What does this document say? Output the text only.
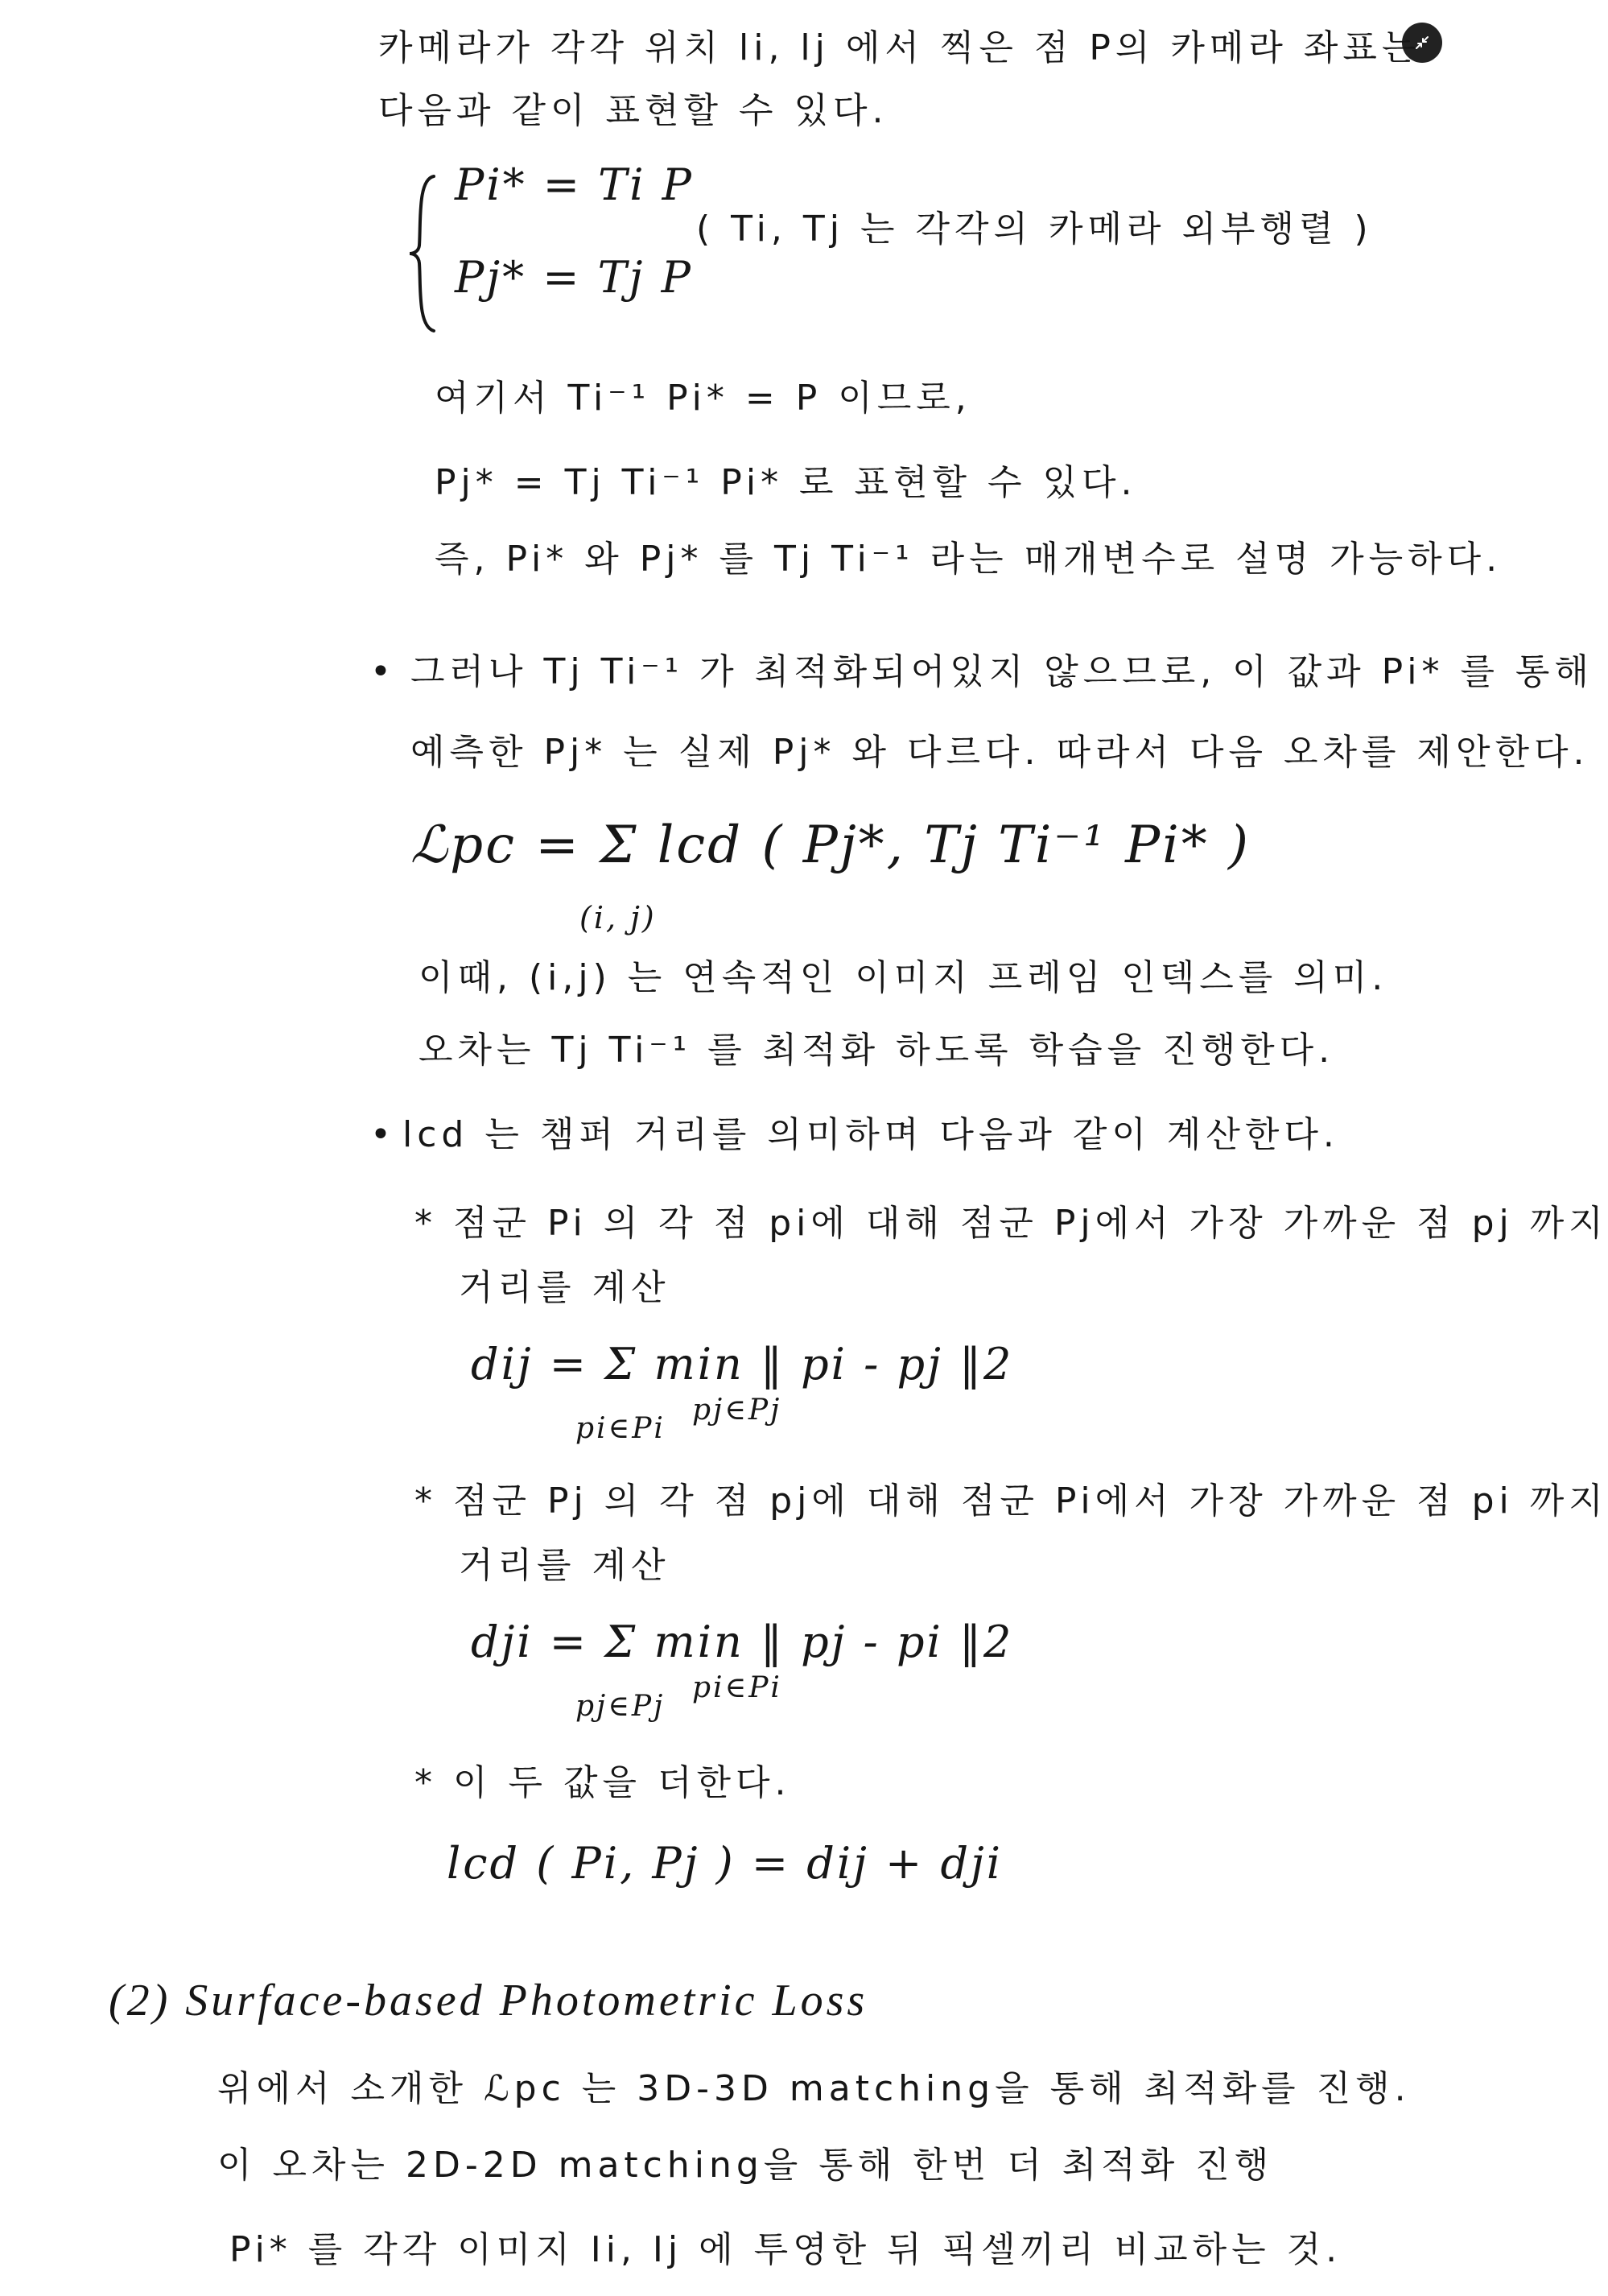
카메라가 각각 위치 li, lj 에서 찍은 점 P의 카메라 좌표는
다음과 같이 표현할 수 있다.
Pi* = Ti P
Pj* = Tj P
( Ti, Tj 는 각각의 카메라 외부행렬 )
여기서 Ti⁻¹ Pi* = P 이므로,
Pj* = Tj Ti⁻¹ Pi* 로 표현할 수 있다.
즉, Pi* 와 Pj* 를 Tj Ti⁻¹ 라는 매개변수로 설명 가능하다.
• 그러나 Tj Ti⁻¹ 가 최적화되어있지 않으므로, 이 값과 Pi* 를 통해
예측한 Pj* 는 실제 Pj* 와 다르다. 따라서 다음 오차를 제안한다.
ℒpc = Σ lcd ( Pj*, Tj Ti⁻¹ Pi* )
(i, j)
이때, (i,j) 는 연속적인 이미지 프레임 인덱스를 의미.
오차는 Tj Ti⁻¹ 를 최적화 하도록 학습을 진행한다.
• lcd 는 챔퍼 거리를 의미하며 다음과 같이 계산한다.
* 점군 Pi 의 각 점 pi에 대해 점군 Pj에서 가장 가까운 점 pj 까지
거리를 계산
dij = Σ min ‖ pi - pj ‖2
pi∈Pi
pj∈Pj
* 점군 Pj 의 각 점 pj에 대해 점군 Pi에서 가장 가까운 점 pi 까지
거리를 계산
dji = Σ min ‖ pj - pi ‖2
pj∈Pj
pi∈Pi
* 이 두 값을 더한다.
lcd ( Pi, Pj ) = dij + dji
(2) Surface-based Photometric Loss
위에서 소개한 ℒpc 는 3D-3D matching을 통해 최적화를 진행.
이 오차는 2D-2D matching을 통해 한번 더 최적화 진행
Pi* 를 각각 이미지 Ii, Ij 에 투영한 뒤 픽셀끼리 비교하는 것.
